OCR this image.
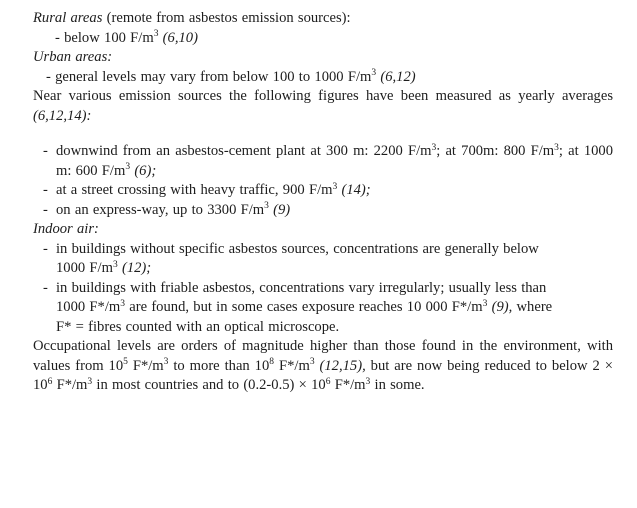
Rural areas (remote from asbestos emission sources):

- below 100 $F/m^3$ (6,10)

Urban areas:

- general levels may vary from below 100 to 1000 $F/m^3$ (6,12)

Near various emission sources the following figures have been measured as yearly averages (6,12,14):

- downwind from an asbestos-cement plant at 300 m: 2200 $F/m^3$; at 700m: 800 $F/m^3$; at 1000 m: 600 $F/m^3$ (6);
- at a street crossing with heavy traffic, 900 $F/m^3$ (14);
- on an express-way, up to 3300 $F/m^3$ (9)

Indoor air:

- in buildings without specific asbestos sources, concentrations are generally below
1000 $F/m^3$ (12);
- in buildings with friable asbestos, concentrations vary irregularly; usually less than
1000 $F*/m^3$ are found, but in some cases exposure reaches 10 000 $F*/m^3$ (9), where
F* = fibres counted with an optical microscope.

Occupational levels are orders of magnitude higher than those found in the environment, with values from $10^5$ $F*/m^3$ to more than $10^8$ $F*/m^3$ (12,15), but are now being reduced to below $2 \times 10^6$ $F*/m^3$ in most countries and to $(0.2-0.5) \times 10^6$ $F*/m^3$ in some.
